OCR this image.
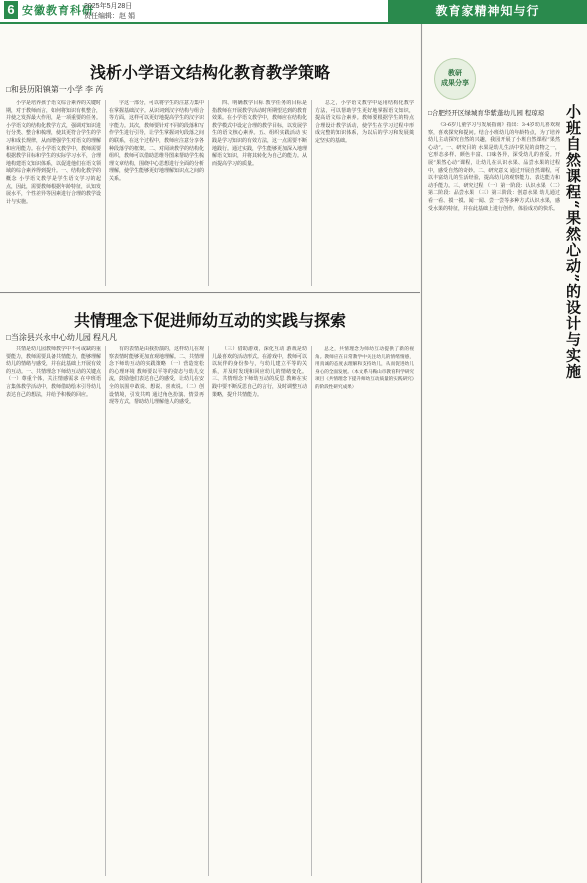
6 安徽教育科研
2025年5月28日
责任编辑：赵 娟	教育家精神知与行
浅析小学语文结构化教育教学策略
□和县历阳镇第一小学 李 芮

小学是培养孩子语文综合素养的关键时期，对于教师而言，如何将知识有机整合，并使之发挥最大作用，是一项重要的任务。小学语文的结构化教学方式，强调对知识进行分类、整合和梳理，使其更符合学生的学习和成长规律，从而增强学生对语文的理解和应用能力。在小学语文教学中，教师需要根据教学目标和学生的实际学习水平，合理地构建语文知识体系，以促进他们在语文领域的综合素养得到提升。一、结构化教学的概念 小学语文教学是学生语文学习的起点，因此，需要教师根据年龄特征，认知发展水平，个性差异等因素进行合理的教学设计与实施。

字这一部分，可以将学生的注意力集中在掌握基础汉字。从识词到汉字结构与组合等方面，这样可以更好地提高学生的汉字识字能力。其次，教师要针对不同的段落和写作学生进行引导，让学生掌握词句段落之间的联系，在这个过程中，教师应注意分享各种段落学的框架。二、对阅读教学的结构化组织，教师可以借助思维导图来帮助学生梳理文章结构，围绕中心思想进行全面的分析理解，使学生能够更好地理解知识点之间的关系。

四、明确教学目标 教学任务的目标是指教师在开展教学活动时所期望达到的教育效果。在小学语文教学中，教师应在结构化教学模式中设定合理的教学目标，以发展学生的语文核心素养。五、组织实践活动 实践是学习知识的有效方法，这一点需要不断地践行。通过实践，学生能够更加深入地理解语文知识，并将其转化为自己的能力。从而提高学习的质量。

总之，小学语文教学中运用结构化教学方法，可以帮助学生更好地掌握语文知识，提高语文综合素养。教师要根据学生的特点合理设计教学活动，使学生在学习过程中形成完整的知识体系，为以后的学习和发展奠定坚实的基础。

共情理念下促进师幼互动的实践与探索
□当涂县兴永中心幼儿园 程凡凡

共情是幼儿园教师教学中不可或缺的重要能力，教师需要具备共情能力，能够理解幼儿的情绪与感受，并在此基础上开展有效的互动。一、共情理念下师幼互动的关键点 （一）尊重个体，关注情感需求 在中班语言集体教学活动中，教师借助绘本引导幼儿表达自己的想法，并给予积极的回应。

有的表情是由我扮演的，这样幼儿在观察表情时能够更加直观地理解。二、共情理念下师幼互动的实践策略 （一）营造宽松的心理环境 教师要以平等的姿态与幼儿交流，鼓励他们表达自己的感受，让幼儿在安全的氛围中敢说、想说、喜欢说。（二）创设情境，引发共鸣 通过角色扮演、情景再现等方式，帮助幼儿理解他人的感受。

（三）借助游戏，深化互动 游戏是幼儿最喜欢的活动形式。在游戏中，教师可以以玩伴的身份参与，与幼儿建立平等的关系，并及时发现和回应幼儿的情绪变化。三、共情理念下师幼互动的反思 教师在实践中要不断反思自己的言行，及时调整互动策略，提升共情能力。

总之，共情理念为师幼互动提供了新的视角。教师应在日常教学中关注幼儿的情绪情感，用真诚的态度去理解和支持幼儿，从而促进幼儿身心的全面发展。（本文系马鞍山市教育科学研究项目《共情理念下提升师幼互动质量的实践研究》的阶段性研究成果）

教研
成果分享
□合肥经开区绿城育华紫蓬幼儿园 程琼琼

《3-6岁儿童学习与发展指南》指出：3-4岁幼儿喜欢观察，喜欢探究和提问。结合小班幼儿的年龄特点，为了培养幼儿主动探究自然的兴趣，我园开展了小班自然课程“果然心动”。一、研究目的 水果是幼儿生活中常见的食物之一，它形态多样、颜色丰富、口味各异，深受幼儿的喜爱。开展“果然心动”课程，让幼儿在认识水果、品尝水果的过程中，感受自然的奇妙。二、研究意义 通过开展自然课程，可以丰富幼儿的生活经验，提高幼儿的观察能力、表达能力和动手能力。三、研究过程 （一）第一阶段：认识水果 （二）第二阶段：品尝水果 （三）第三阶段：创意水果 幼儿通过看一看、摸一摸、闻一闻、尝一尝等多种方式认识水果，感受水果的特征，并在此基础上进行创作，体验成功的快乐。 小班自然课程“果然心动”的设计与实施
